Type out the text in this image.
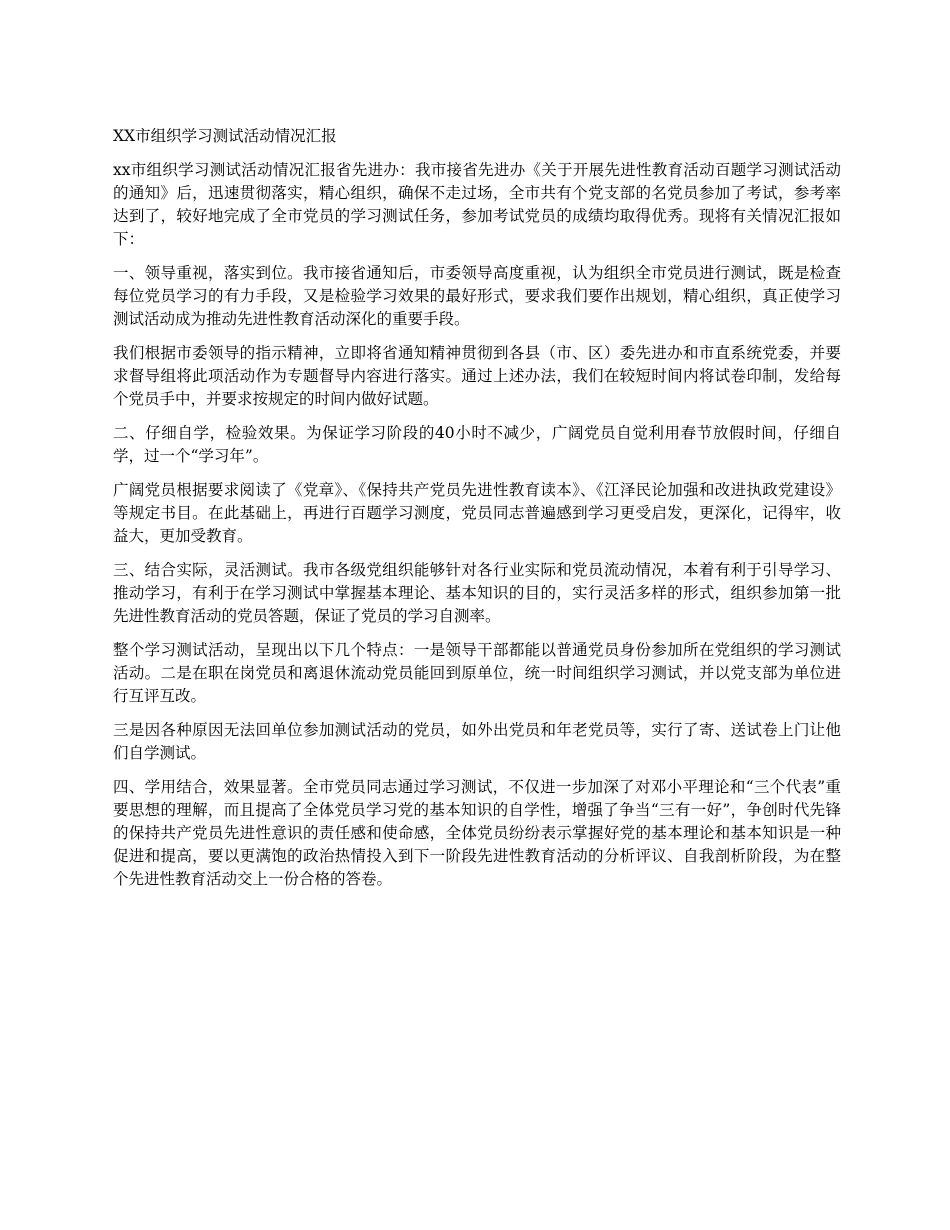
XX市组织学习测试活动情况汇报

xx市组织学习测试活动情况汇报省先进办：我市接省先进办《关于开展先进性教育活动百题学习测试活动的通知》后，迅速贯彻落实，精心组织，确保不走过场，全市共有个党支部的名党员参加了考试，参考率达到了，较好地完成了全市党员的学习测试任务，参加考试党员的成绩均取得优秀。现将有关情况汇报如下：

一、领导重视，落实到位。我市接省通知后，市委领导高度重视，认为组织全市党员进行测试，既是检查每位党员学习的有力手段，又是检验学习效果的最好形式，要求我们要作出规划，精心组织，真正使学习测试活动成为推动先进性教育活动深化的重要手段。

我们根据市委领导的指示精神，立即将省通知精神贯彻到各县（市、区）委先进办和市直系统党委，并要求督导组将此项活动作为专题督导内容进行落实。通过上述办法，我们在较短时间内将试卷印制，发给每个党员手中，并要求按规定的时间内做好试题。

二、仔细自学，检验效果。为保证学习阶段的40小时不减少，广阔党员自觉利用春节放假时间，仔细自学，过一个“学习年”。

广阔党员根据要求阅读了《党章》、《保持共产党员先进性教育读本》、《江泽民论加强和改进执政党建设》等规定书目。在此基础上，再进行百题学习测度，党员同志普遍感到学习更受启发，更深化，记得牢，收益大，更加受教育。

三、结合实际，灵活测试。我市各级党组织能够针对各行业实际和党员流动情况，本着有利于引导学习、推动学习，有利于在学习测试中掌握基本理论、基本知识的目的，实行灵活多样的形式，组织参加第一批先进性教育活动的党员答题，保证了党员的学习自测率。

整个学习测试活动，呈现出以下几个特点：一是领导干部都能以普通党员身份参加所在党组织的学习测试活动。二是在职在岗党员和离退休流动党员能回到原单位，统一时间组织学习测试，并以党支部为单位进行互评互改。

三是因各种原因无法回单位参加测试活动的党员，如外出党员和年老党员等，实行了寄、送试卷上门让他们自学测试。

四、学用结合，效果显著。全市党员同志通过学习测试，不仅进一步加深了对邓小平理论和“三个代表”重要思想的理解，而且提高了全体党员学习党的基本知识的自学性，增强了争当“三有一好”，争创时代先锋的保持共产党员先进性意识的责任感和使命感，全体党员纷纷表示掌握好党的基本理论和基本知识是一种促进和提高，要以更满饱的政治热情投入到下一阶段先进性教育活动的分析评议、自我剖析阶段，为在整个先进性教育活动交上一份合格的答卷。
